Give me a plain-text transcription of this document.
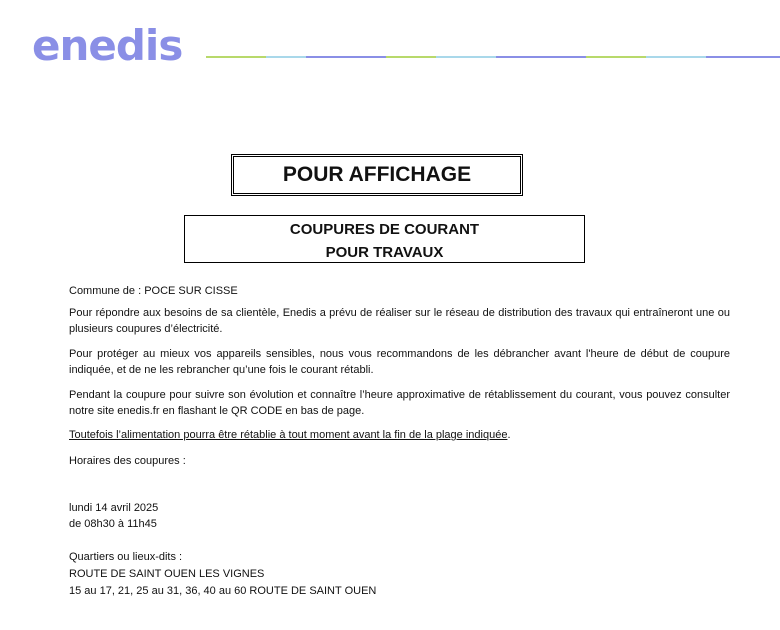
enedis
POUR AFFICHAGE
COUPURES DE COURANT
POUR TRAVAUX
Commune de : POCE SUR CISSE
Pour répondre aux besoins de sa clientèle, Enedis a prévu de réaliser sur le réseau de distribution des travaux qui entraîneront une ou plusieurs coupures d’électricité.
Pour protéger au mieux vos appareils sensibles, nous vous recommandons de les débrancher avant l'heure de début de coupure indiquée, et de ne les rebrancher qu’une fois le courant rétabli.
Pendant la coupure pour suivre son évolution et connaître l’heure approximative de rétablissement du courant, vous pouvez consulter notre site enedis.fr en flashant le QR CODE en bas de page.
Toutefois l’alimentation pourra être rétablie à tout moment avant la fin de la plage indiquée.
Horaires des coupures :
lundi 14 avril 2025
de 08h30 à 11h45
Quartiers ou lieux-dits :
ROUTE DE SAINT OUEN LES VIGNES
15 au 17, 21, 25 au 31, 36, 40 au 60 ROUTE DE SAINT OUEN
